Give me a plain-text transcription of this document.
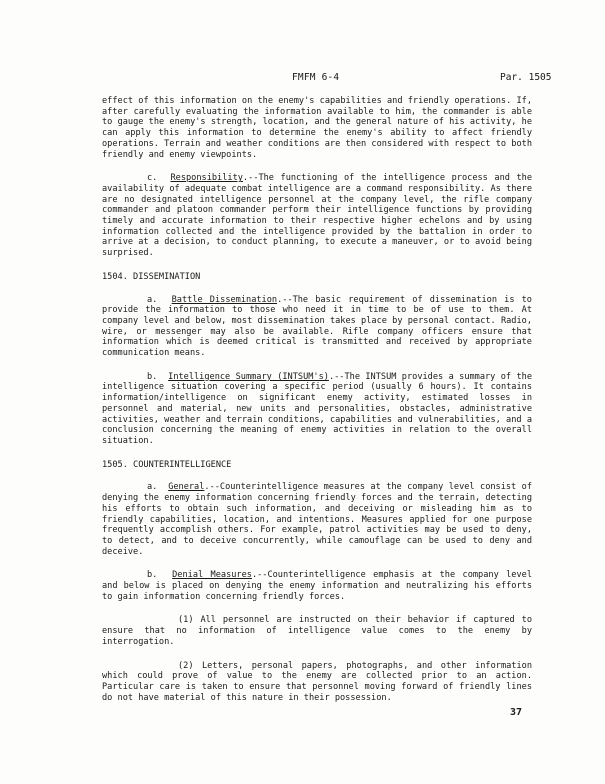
FMFM 6-4	Par. 1505

effect of this information on the enemy's capabilities and friendly operations. If, after carefully evaluating the information available to him, the commander is able to gauge the enemy's strength, location, and the general nature of his activity, he can apply this information to determine the enemy's ability to affect friendly operations. Terrain and weather conditions are then considered with respect to both friendly and enemy viewpoints.

c. Responsibility.--The functioning of the intelligence process and the availability of adequate combat intelligence are a command responsibility. As there are no designated intelligence personnel at the company level, the rifle company commander and platoon commander perform their intelligence functions by providing timely and accurate information to their respective higher echelons and by using information collected and the intelligence provided by the battalion in order to arrive at a decision, to conduct planning, to execute a maneuver, or to avoid being surprised.

1504. DISSEMINATION

a. Battle Dissemination.--The basic requirement of dissemination is to provide the information to those who need it in time to be of use to them. At company level and below, most dissemination takes place by personal contact. Radio, wire, or messenger may also be available. Rifle company officers ensure that information which is deemed critical is transmitted and received by appropriate communication means.

b. Intelligence Summary (INTSUM's).--The INTSUM provides a summary of the intelligence situation covering a specific period (usually 6 hours). It contains information/intelligence on significant enemy activity, estimated losses in personnel and material, new units and personalities, obstacles, administrative activities, weather and terrain conditions, capabilities and vulnerabilities, and a conclusion concerning the meaning of enemy activities in relation to the overall situation.

1505. COUNTERINTELLIGENCE

a. General.--Counterintelligence measures at the company level consist of denying the enemy information concerning friendly forces and the terrain, detecting his efforts to obtain such information, and deceiving or misleading him as to friendly capabilities, location, and intentions. Measures applied for one purpose frequently accomplish others. For example, patrol activities may be used to deny, to detect, and to deceive concurrently, while camouflage can be used to deny and deceive.

b. Denial Measures.--Counterintelligence emphasis at the company level and below is placed on denying the enemy information and neutralizing his efforts to gain information concerning friendly forces.

(1) All personnel are instructed on their behavior if captured to ensure that no information of intelligence value comes to the enemy by interrogation.

(2) Letters, personal papers, photographs, and other information which could prove of value to the enemy are collected prior to an action. Particular care is taken to ensure that personnel moving forward of friendly lines do not have material of this nature in their possession.

37
